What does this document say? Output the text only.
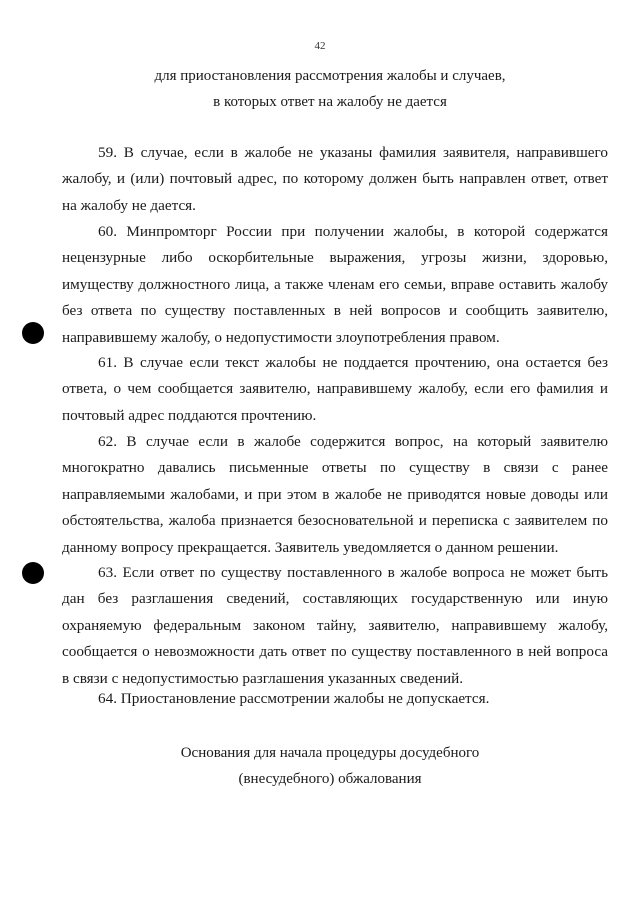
42
для приостановления рассмотрения жалобы и случаев,
в которых ответ на жалобу не дается

59. В случае, если в жалобе не указаны фамилия заявителя, направившего жалобу, и (или) почтовый адрес, по которому должен быть направлен ответ, ответ на жалобу не дается.

60. Минпромторг России при получении жалобы, в которой содержатся нецензурные либо оскорбительные выражения, угрозы жизни, здоровью, имуществу должностного лица, а также членам его семьи, вправе оставить жалобу без ответа по существу поставленных в ней вопросов и сообщить заявителю, направившему жалобу, о недопустимости злоупотребления правом.

61. В случае если текст жалобы не поддается прочтению, она остается без ответа, о чем сообщается заявителю, направившему жалобу, если его фамилия и почтовый адрес поддаются прочтению.

62. В случае если в жалобе содержится вопрос, на который заявителю многократно давались письменные ответы по существу в связи с ранее направляемыми жалобами, и при этом в жалобе не приводятся новые доводы или обстоятельства, жалоба признается безосновательной и переписка с заявителем по данному вопросу прекращается. Заявитель уведомляется о данном решении.

63. Если ответ по существу поставленного в жалобе вопроса не может быть дан без разглашения сведений, составляющих государственную или иную охраняемую федеральным законом тайну, заявителю, направившему жалобу, сообщается о невозможности дать ответ по существу поставленного в ней вопроса в связи с недопустимостью разглашения указанных сведений.

64. Приостановление рассмотрении жалобы не допускается.

Основания для начала процедуры досудебного
(внесудебного) обжалования
